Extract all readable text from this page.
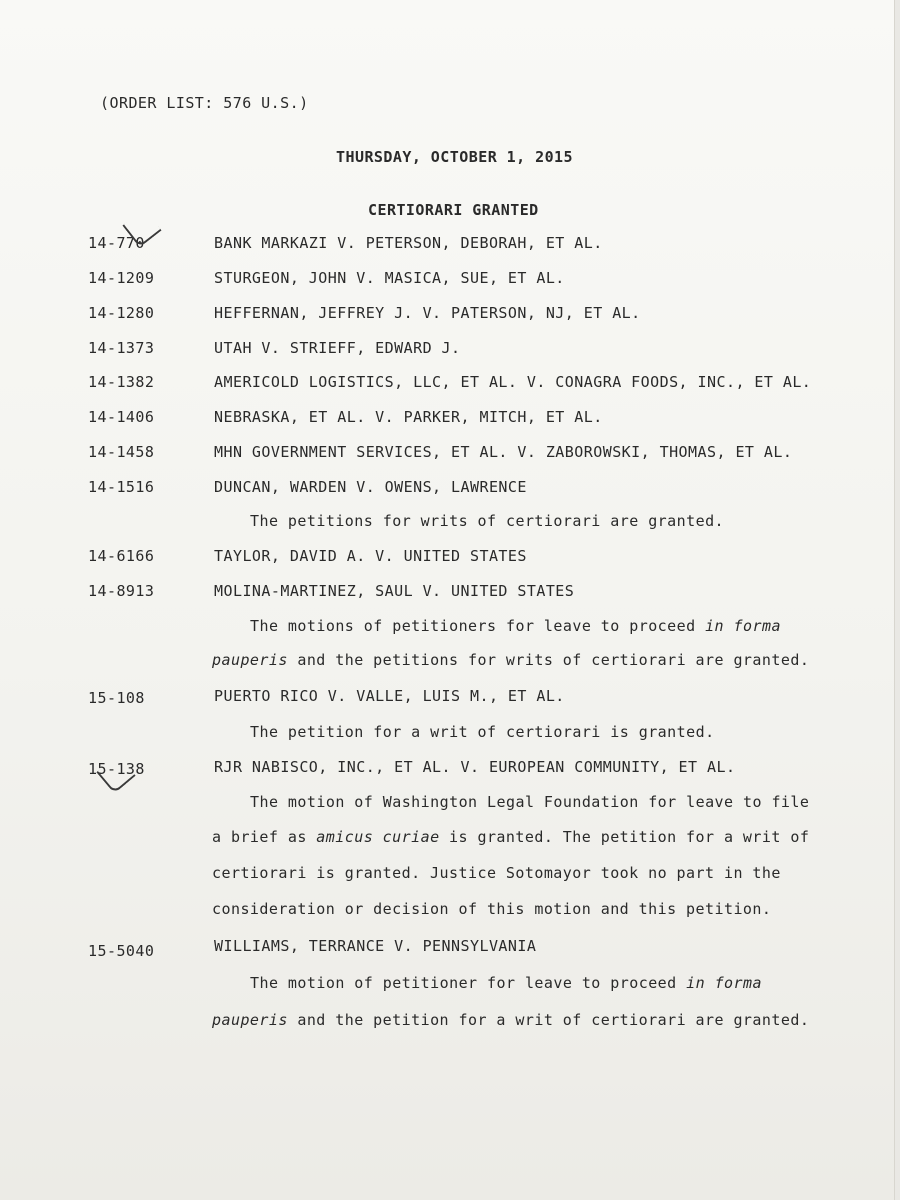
(ORDER LIST: 576 U.S.)
THURSDAY, OCTOBER 1, 2015
CERTIORARI GRANTED
14-770	BANK MARKAZI V. PETERSON, DEBORAH, ET AL.
14-1209	STURGEON, JOHN V. MASICA, SUE, ET AL.
14-1280	HEFFERNAN, JEFFREY J. V. PATERSON, NJ, ET AL.
14-1373	UTAH V. STRIEFF, EDWARD J.
14-1382	AMERICOLD LOGISTICS, LLC, ET AL. V. CONAGRA FOODS, INC., ET AL.
14-1406	NEBRASKA, ET AL. V. PARKER, MITCH, ET AL.
14-1458	MHN GOVERNMENT SERVICES, ET AL. V. ZABOROWSKI, THOMAS, ET AL.
14-1516	DUNCAN, WARDEN V. OWENS, LAWRENCE
The petitions for writs of certiorari are granted.
14-6166	TAYLOR, DAVID A. V. UNITED STATES
14-8913	MOLINA-MARTINEZ, SAUL V. UNITED STATES
The motions of petitioners for leave to proceed in forma
pauperis and the petitions for writs of certiorari are granted.
15-108	PUERTO RICO V. VALLE, LUIS M., ET AL.
The petition for a writ of certiorari is granted.
15-138	RJR NABISCO, INC., ET AL. V. EUROPEAN COMMUNITY, ET AL.
The motion of Washington Legal Foundation for leave to file
a brief as amicus curiae is granted. The petition for a writ of
certiorari is granted. Justice Sotomayor took no part in the
consideration or decision of this motion and this petition.
15-5040	WILLIAMS, TERRANCE V. PENNSYLVANIA
The motion of petitioner for leave to proceed in forma
pauperis and the petition for a writ of certiorari are granted.
